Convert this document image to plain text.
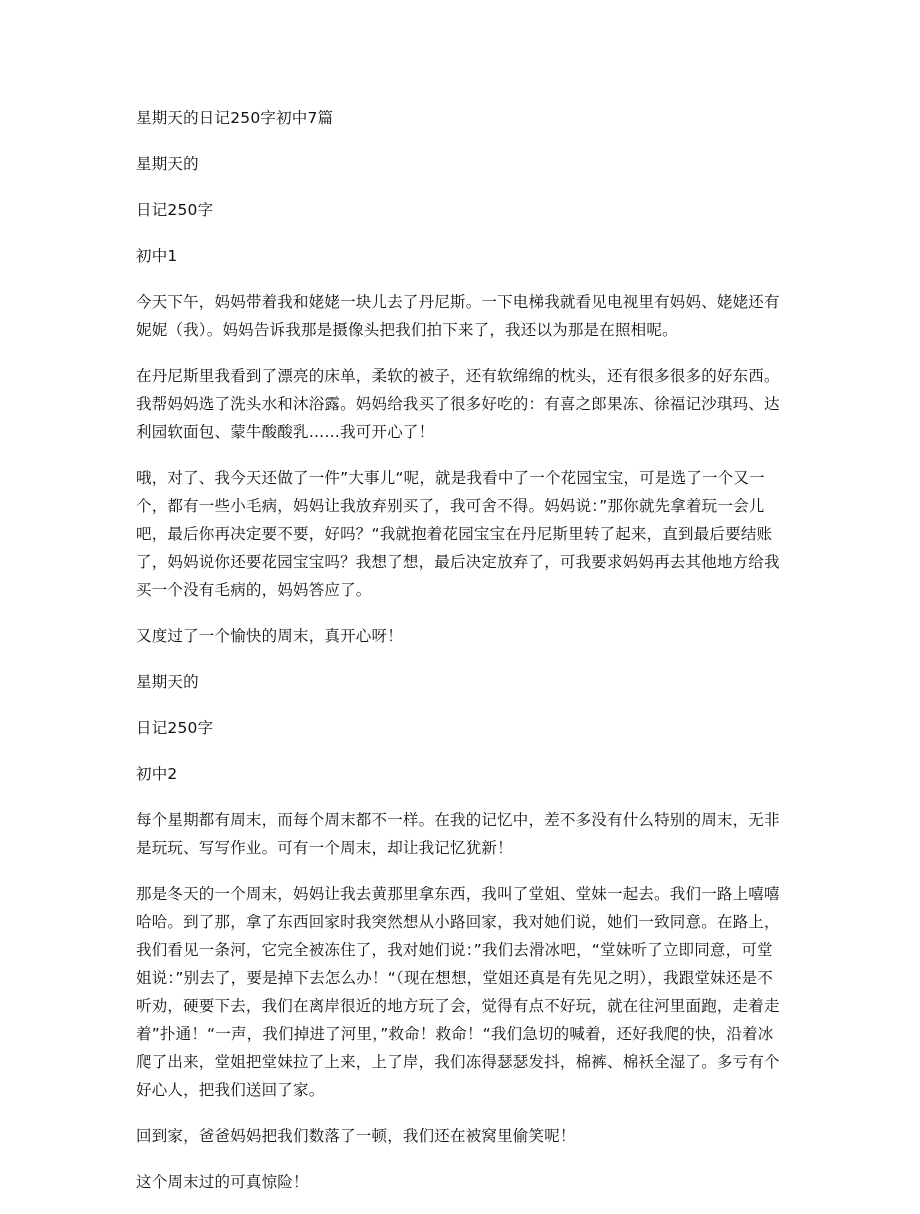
星期天的日记250字初中7篇

星期天的

日记250字

初中1

今天下午，妈妈带着我和姥姥一块儿去了丹尼斯。一下电梯我就看见电视里有妈妈、姥姥还有妮妮（我）。妈妈告诉我那是摄像头把我们拍下来了，我还以为那是在照相呢。

在丹尼斯里我看到了漂亮的床单，柔软的被子，还有软绵绵的枕头，还有很多很多的好东西。我帮妈妈选了洗头水和沐浴露。妈妈给我买了很多好吃的：有喜之郎果冻、徐福记沙琪玛、达利园软面包、蒙牛酸酸乳……我可开心了！

哦，对了、我今天还做了一件”大事儿“呢，就是我看中了一个花园宝宝，可是选了一个又一个，都有一些小毛病，妈妈让我放弃别买了，我可舍不得。妈妈说：”那你就先拿着玩一会儿吧，最后你再决定要不要，好吗？“我就抱着花园宝宝在丹尼斯里转了起来，直到最后要结账了，妈妈说你还要花园宝宝吗？我想了想，最后决定放弃了，可我要求妈妈再去其他地方给我买一个没有毛病的，妈妈答应了。

又度过了一个愉快的周末，真开心呀！

星期天的

日记250字

初中2

每个星期都有周末，而每个周末都不一样。在我的记忆中，差不多没有什么特别的周末，无非是玩玩、写写作业。可有一个周末，却让我记忆犹新！

那是冬天的一个周末，妈妈让我去黄那里拿东西，我叫了堂姐、堂妹一起去。我们一路上嘻嘻哈哈。到了那，拿了东西回家时我突然想从小路回家，我对她们说，她们一致同意。在路上，我们看见一条河，它完全被冻住了，我对她们说：”我们去滑冰吧，“堂妹听了立即同意，可堂姐说：”别去了，要是掉下去怎么办！“（现在想想，堂姐还真是有先见之明），我跟堂妹还是不听劝，硬要下去，我们在离岸很近的地方玩了会，觉得有点不好玩，就在往河里面跑，走着走着”扑通！“一声，我们掉进了河里，”救命！救命！“我们急切的喊着，还好我爬的快，沿着冰爬了出来，堂姐把堂妹拉了上来，上了岸，我们冻得瑟瑟发抖，棉裤、棉袄全湿了。多亏有个好心人，把我们送回了家。

回到家，爸爸妈妈把我们数落了一顿，我们还在被窝里偷笑呢！

这个周末过的可真惊险！
